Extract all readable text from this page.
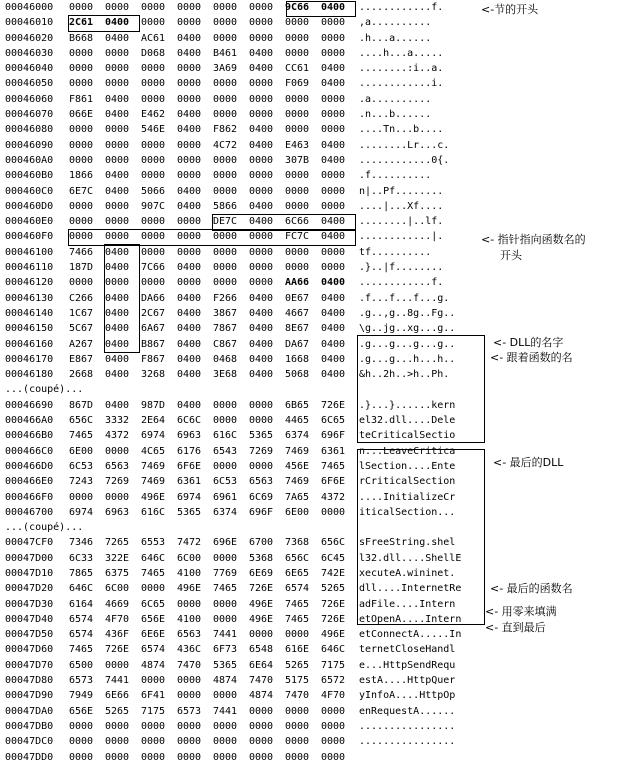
00046000 0000 0000 0000 0000 0000 0000 9C66 0400 ............f.
00046010 2C61 0400 0000 0000 0000 0000 0000 0000 ,a..........
00046020 B668 0400 AC61 0400 0000 0000 0000 0000 .h...a......
00046030 0000 0000 D068 0400 B461 0400 0000 0000 ....h...a.....
00046040 0000 0000 0000 0000 3A69 0400 CC61 0400 ........:i..a.
00046050 0000 0000 0000 0000 0000 0000 F069 0400 ............i.
00046060 F861 0400 0000 0000 0000 0000 0000 0000 .a..........
00046070 066E 0400 E462 0400 0000 0000 0000 0000 .n...b......
00046080 0000 0000 546E 0400 F862 0400 0000 0000 ....Tn...b....
00046090 0000 0000 0000 0000 4C72 0400 E463 0400 ........Lr...c.
000460A0 0000 0000 0000 0000 0000 0000 307B 0400 ............0{.
000460B0 1866 0400 0000 0000 0000 0000 0000 0000 .f..........
000460C0 6E7C 0400 5066 0400 0000 0000 0000 0000 n|..Pf........
000460D0 0000 0000 907C 0400 5866 0400 0000 0000 ....|...Xf....
000460E0 0000 0000 0000 0000 DE7C 0400 6C66 0400 ........|..lf.
000460F0 0000 0000 0000 0000 0000 0000 FC7C 0400 ............|.
00046100 7466 0400 0000 0000 0000 0000 0000 0000 tf..........
00046110 187D 0400 7C66 0400 0000 0000 0000 0000 .}..|f........
00046120 0000 0000 0000 0000 0000 0000 AA66 0400 ............f.
00046130 C266 0400 DA66 0400 F266 0400 0E67 0400 .f...f...f...g.
00046140 1C67 0400 2C67 0400 3867 0400 4667 0400 .g..,g..8g..Fg..
00046150 5C67 0400 6A67 0400 7867 0400 8E67 0400 \g..jg..xg...g..
00046160 A267 0400 B867 0400 C867 0400 DA67 0400 .g...g...g...g..
00046170 E867 0400 F867 0400 0468 0400 1668 0400 .g...g...h...h..
00046180 2668 0400 3268 0400 3E68 0400 5068 0400 &h..2h..>h..Ph.
...(coupé)...
00046690 867D 0400 987D 0400 0000 0000 6B65 726E .}...}......kern
000466A0 656C 3332 2E64 6C6C 0000 0000 4465 6C65 el32.dll....Dele
000466B0 7465 4372 6974 6963 616C 5365 6374 696F teCriticalSectio
000466C0 6E00 0000 4C65 6176 6543 7269 7469 6361 n...LeaveCritica
000466D0 6C53 6563 7469 6F6E 0000 0000 456E 7465 lSection....Ente
000466E0 7243 7269 7469 6361 6C53 6563 7469 6F6E rCriticalSection
000466F0 0000 0000 496E 6974 6961 6C69 7A65 4372 ....InitializeCr
00046700 6974 6963 616C 5365 6374 696F 6E00 0000 iticalSection...
...(coupé)...
00047CF0 7346 7265 6553 7472 696E 6700 7368 656C sFreeString.shel
00047D00 6C33 322E 646C 6C00 0000 5368 656C 6C45 l32.dll....ShellE
00047D10 7865 6375 7465 4100 7769 6E69 6E65 742E xecuteA.wininet.
00047D20 646C 6C00 0000 496E 7465 726E 6574 5265 dll....InternetRe
00047D30 6164 4669 6C65 0000 0000 496E 7465 726E adFile....Intern
00047D40 6574 4F70 656E 4100 0000 496E 7465 726E etOpenA....Intern
00047D50 6574 436F 6E6E 6563 7441 0000 0000 496E etConnectA.....In
00047D60 7465 726E 6574 436C 6F73 6548 616E 646C ternetCloseHandl
00047D70 6500 0000 4874 7470 5365 6E64 5265 7175 e...HttpSendRequ
00047D80 6573 7441 0000 0000 4874 7470 5175 6572 estA....HttpQuer
00047D90 7949 6E66 6F41 0000 0000 4874 7470 4F70 yInfoA....HttpOp
00047DA0 656E 5265 7175 6573 7441 0000 0000 0000 enRequestA......
00047DB0 0000 0000 0000 0000 0000 0000 0000 0000 ................
00047DC0 0000 0000 0000 0000 0000 0000 0000 0000 ................
00047DD0 0000 0000 0000 0000 0000 0000 0000 0000
<-节的开头
<- 指针指向函数名的
开头
<- DLL的名字
<- 跟着函数的名
<- 最后的DLL
<- 最后的函数名
<- 用零来填满
<- 直到最后
